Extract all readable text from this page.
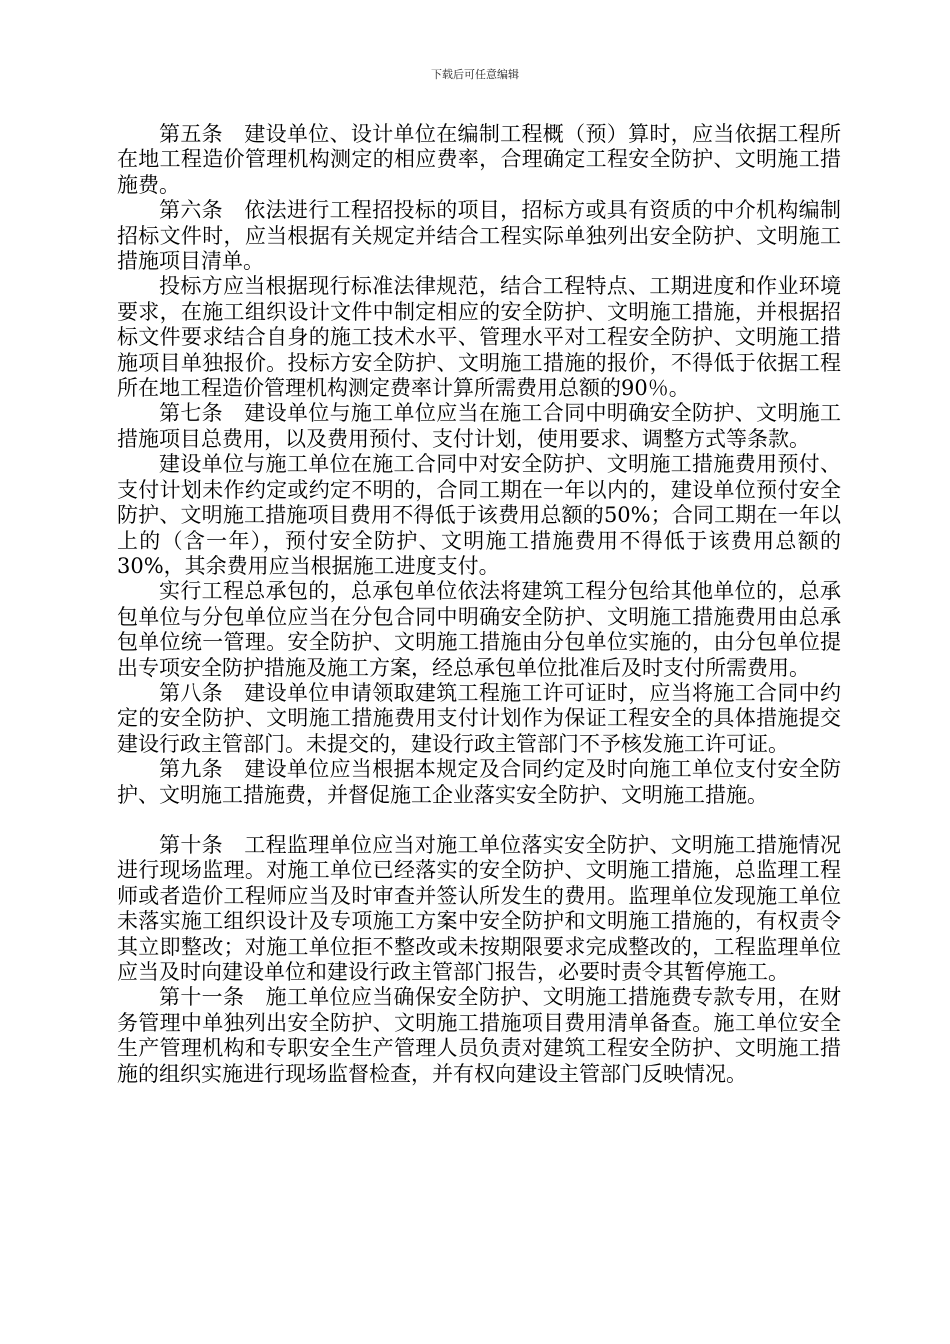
下载后可任意编辑

第五条　建设单位、设计单位在编制工程概（预）算时，应当依据工程所在地工程造价管理机构测定的相应费率，合理确定工程安全防护、文明施工措施费。

第六条　依法进行工程招投标的项目，招标方或具有资质的中介机构编制招标文件时，应当根据有关规定并结合工程实际单独列出安全防护、文明施工措施项目清单。

投标方应当根据现行标准法律规范，结合工程特点、工期进度和作业环境要求，在施工组织设计文件中制定相应的安全防护、文明施工措施，并根据招标文件要求结合自身的施工技术水平、管理水平对工程安全防护、文明施工措施项目单独报价。投标方安全防护、文明施工措施的报价，不得低于依据工程所在地工程造价管理机构测定费率计算所需费用总额的90％。

第七条　建设单位与施工单位应当在施工合同中明确安全防护、文明施工措施项目总费用，以及费用预付、支付计划，使用要求、调整方式等条款。

建设单位与施工单位在施工合同中对安全防护、文明施工措施费用预付、支付计划未作约定或约定不明的，合同工期在一年以内的，建设单位预付安全防护、文明施工措施项目费用不得低于该费用总额的50%；合同工期在一年以上的（含一年），预付安全防护、文明施工措施费用不得低于该费用总额的30%，其余费用应当根据施工进度支付。

实行工程总承包的，总承包单位依法将建筑工程分包给其他单位的，总承包单位与分包单位应当在分包合同中明确安全防护、文明施工措施费用由总承包单位统一管理。安全防护、文明施工措施由分包单位实施的，由分包单位提出专项安全防护措施及施工方案，经总承包单位批准后及时支付所需费用。

第八条　建设单位申请领取建筑工程施工许可证时，应当将施工合同中约定的安全防护、文明施工措施费用支付计划作为保证工程安全的具体措施提交建设行政主管部门。未提交的，建设行政主管部门不予核发施工许可证。

第九条　建设单位应当根据本规定及合同约定及时向施工单位支付安全防护、文明施工措施费，并督促施工企业落实安全防护、文明施工措施。

第十条　工程监理单位应当对施工单位落实安全防护、文明施工措施情况进行现场监理。对施工单位已经落实的安全防护、文明施工措施，总监理工程师或者造价工程师应当及时审查并签认所发生的费用。监理单位发现施工单位未落实施工组织设计及专项施工方案中安全防护和文明施工措施的，有权责令其立即整改；对施工单位拒不整改或未按期限要求完成整改的，工程监理单位应当及时向建设单位和建设行政主管部门报告，必要时责令其暂停施工。

第十一条　施工单位应当确保安全防护、文明施工措施费专款专用，在财务管理中单独列出安全防护、文明施工措施项目费用清单备查。施工单位安全生产管理机构和专职安全生产管理人员负责对建筑工程安全防护、文明施工措施的组织实施进行现场监督检查，并有权向建设主管部门反映情况。
